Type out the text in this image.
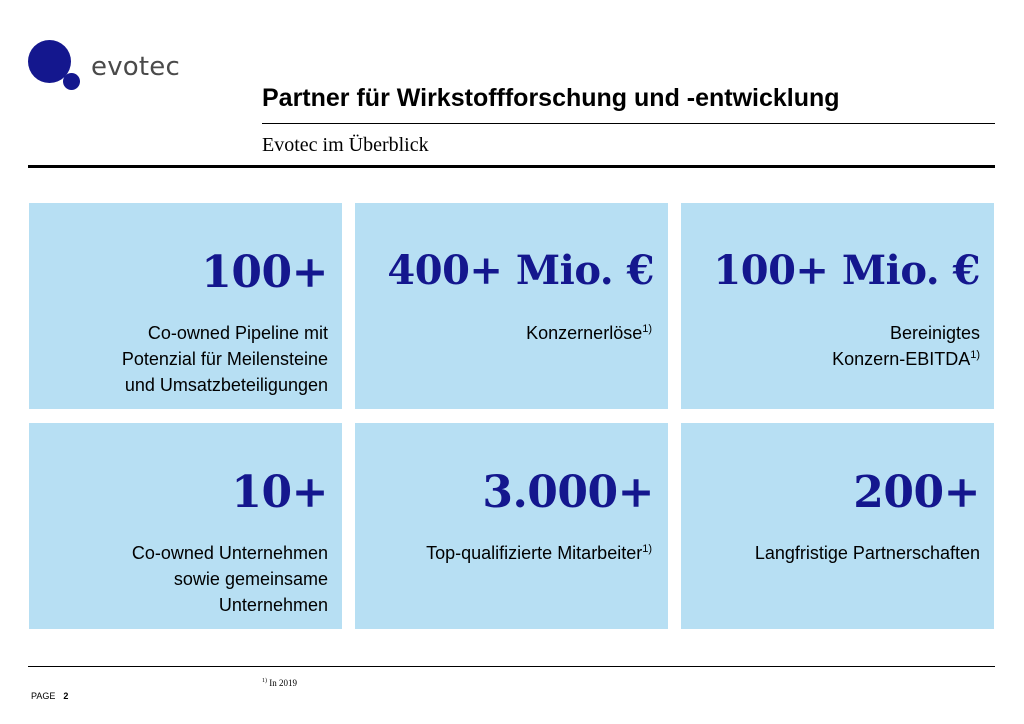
evotec
Partner für Wirkstoffforschung und -entwicklung
Evotec im Überblick
100+
Co-owned Pipeline mit
Potenzial für Meilensteine
und Umsatzbeteiligungen
400+ Mio. €
Konzernerlöse$^{1)}$
100+ Mio. €
Bereinigtes
Konzern-EBITDA$^{1)}$
10+
Co-owned Unternehmen
sowie gemeinsame
Unternehmen
3.000+
Top-qualifizierte Mitarbeiter$^{1)}$
200+
Langfristige Partnerschaften
$^{1)}$ In 2019
PAGE 2
